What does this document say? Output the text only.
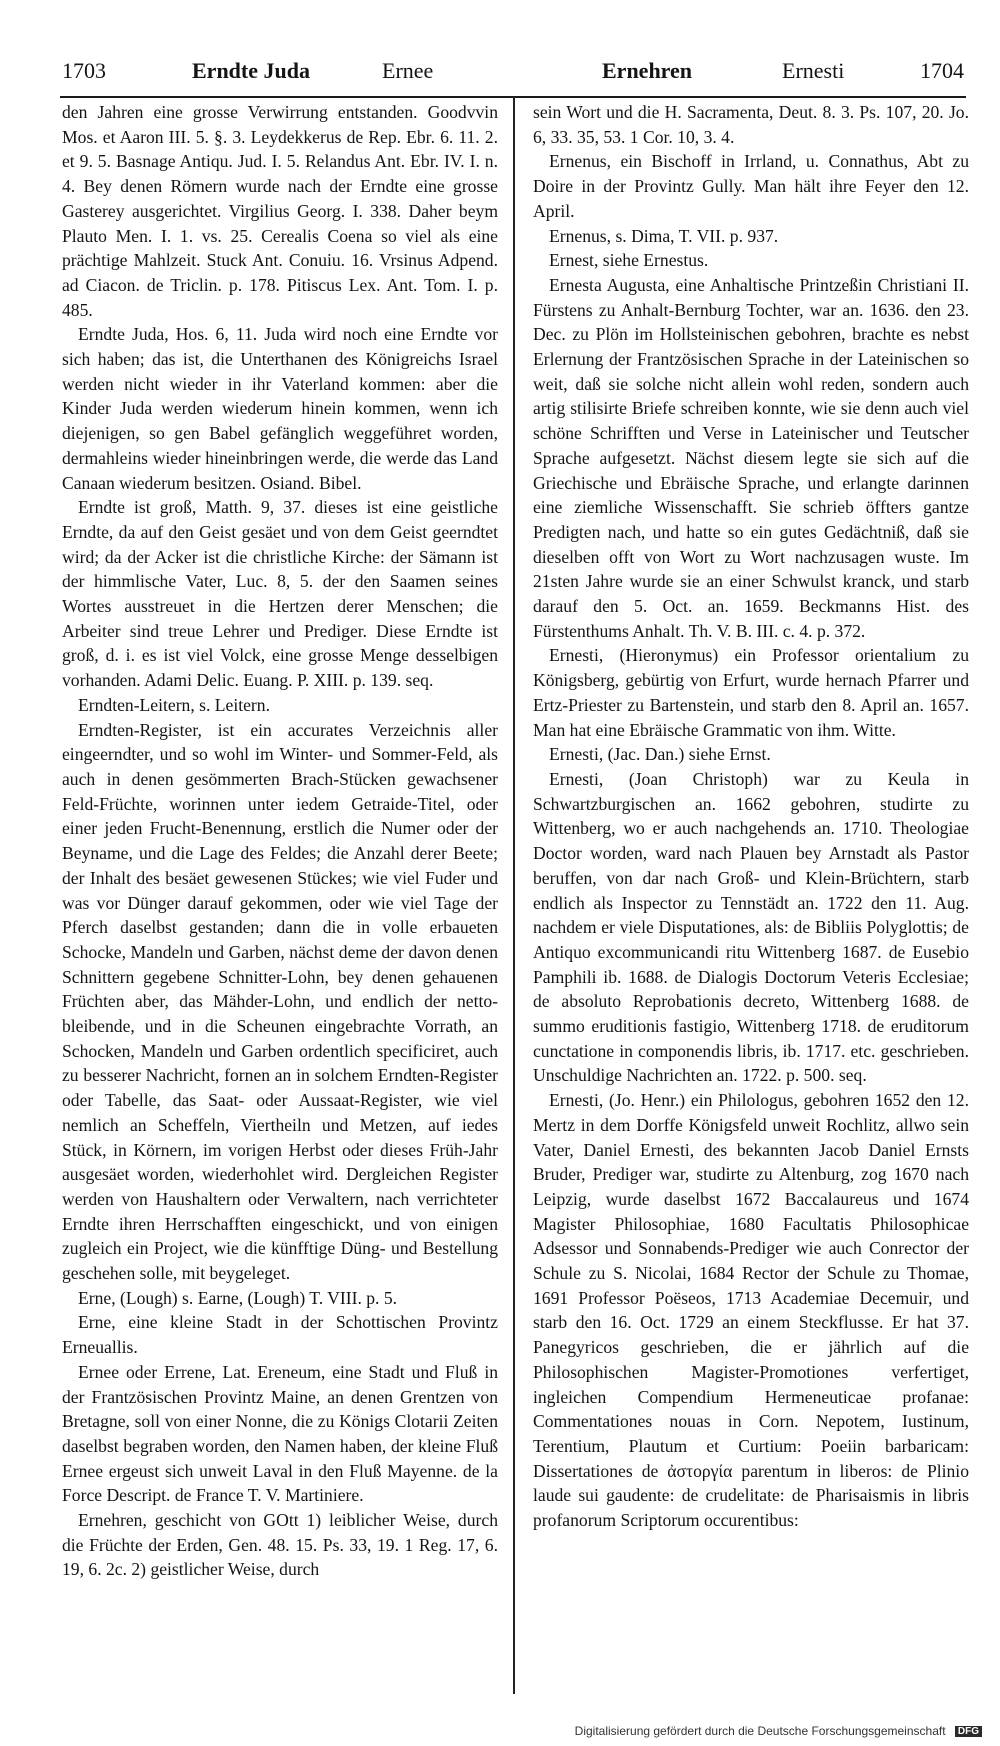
1703	Erndte Juda	Ernee	Ernehren	Ernesti	1704

den Jahren eine grosse Verwirrung entstanden. Goodvvin Mos. et Aaron III. 5. §. 3. Leydekkerus de Rep. Ebr. 6. 11. 2. et 9. 5. Basnage Antiqu. Jud. I. 5. Relandus Ant. Ebr. IV. I. n. 4. Bey denen Römern wurde nach der Erndte eine grosse Gasterey ausgerichtet. Virgilius Georg. I. 338. Daher beym Plauto Men. I. 1. vs. 25. Cerealis Coena so viel als eine prächtige Mahlzeit. Stuck Ant. Conuiu. 16. Vrsinus Adpend. ad Ciacon. de Triclin. p. 178. Pitiscus Lex. Ant. Tom. I. p. 485.

Erndte Juda, Hos. 6, 11. Juda wird noch eine Erndte vor sich haben; das ist, die Unterthanen des Königreichs Israel werden nicht wieder in ihr Vaterland kommen: aber die Kinder Juda werden wiederum hinein kommen, wenn ich diejenigen, so gen Babel gefänglich weggeführet worden, dermahleins wieder hineinbringen werde, die werde das Land Canaan wiederum besitzen. Osiand. Bibel.

Erndte ist groß, Matth. 9, 37. dieses ist eine geistliche Erndte, da auf den Geist gesäet und von dem Geist geerndtet wird; da der Acker ist die christliche Kirche: der Sämann ist der himmlische Vater, Luc. 8, 5. der den Saamen seines Wortes ausstreuet in die Hertzen derer Menschen; die Arbeiter sind treue Lehrer und Prediger. Diese Erndte ist groß, d. i. es ist viel Volck, eine grosse Menge desselbigen vorhanden. Adami Delic. Euang. P. XIII. p. 139. seq.

Erndten-Leitern, s. Leitern.

Erndten-Register, ist ein accurates Verzeichnis aller eingeerndter, und so wohl im Winter- und Sommer-Feld, als auch in denen gesömmerten Brach-Stücken gewachsener Feld-Früchte, worinnen unter iedem Getraide-Titel, oder einer jeden Frucht-Benennung, erstlich die Numer oder der Beyname, und die Lage des Feldes; die Anzahl derer Beete; der Inhalt des besäet gewesenen Stückes; wie viel Fuder und was vor Dünger darauf gekommen, oder wie viel Tage der Pferch daselbst gestanden; dann die in volle erbaueten Schocke, Mandeln und Garben, nächst deme der davon denen Schnittern gegebene Schnitter-Lohn, bey denen gehauenen Früchten aber, das Mähder-Lohn, und endlich der netto-bleibende, und in die Scheunen eingebrachte Vorrath, an Schocken, Mandeln und Garben ordentlich specificiret, auch zu besserer Nachricht, fornen an in solchem Erndten-Register oder Tabelle, das Saat- oder Aussaat-Register, wie viel nemlich an Scheffeln, Viertheiln und Metzen, auf iedes Stück, in Körnern, im vorigen Herbst oder dieses Früh-Jahr ausgesäet worden, wiederhohlet wird. Dergleichen Register werden von Haushaltern oder Verwaltern, nach verrichteter Erndte ihren Herrschafften eingeschickt, und von einigen zugleich ein Project, wie die künfftige Düng- und Bestellung geschehen solle, mit beygeleget.

Erne, (Lough) s. Earne, (Lough) T. VIII. p. 5.

Erne, eine kleine Stadt in der Schottischen Provintz Erneuallis.

Ernee oder Errene, Lat. Ereneum, eine Stadt und Fluß in der Frantzösischen Provintz Maine, an denen Grentzen von Bretagne, soll von einer Nonne, die zu Königs Clotarii Zeiten daselbst begraben worden, den Namen haben, der kleine Fluß Ernee ergeust sich unweit Laval in den Fluß Mayenne. de la Force Descript. de France T. V. Martiniere.

Ernehren, geschicht von GOtt 1) leiblicher Weise, durch die Früchte der Erden, Gen. 48. 15. Ps. 33, 19. 1 Reg. 17, 6. 19, 6. 2c. 2) geistlicher Weise, durch

sein Wort und die H. Sacramenta, Deut. 8. 3. Ps. 107, 20. Jo. 6, 33. 35, 53. 1 Cor. 10, 3. 4.

Ernenus, ein Bischoff in Irrland, u. Connathus, Abt zu Doire in der Provintz Gully. Man hält ihre Feyer den 12. April.

Ernenus, s. Dima, T. VII. p. 937.

Ernest, siehe Ernestus.

Ernesta Augusta, eine Anhaltische Printzeßin Christiani II. Fürstens zu Anhalt-Bernburg Tochter, war an. 1636. den 23. Dec. zu Plön im Hollsteinischen gebohren, brachte es nebst Erlernung der Frantzösischen Sprache in der Lateinischen so weit, daß sie solche nicht allein wohl reden, sondern auch artig stilisirte Briefe schreiben konnte, wie sie denn auch viel schöne Schrifften und Verse in Lateinischer und Teutscher Sprache aufgesetzt. Nächst diesem legte sie sich auf die Griechische und Ebräische Sprache, und erlangte darinnen eine ziemliche Wissenschafft. Sie schrieb öffters gantze Predigten nach, und hatte so ein gutes Gedächtniß, daß sie dieselben offt von Wort zu Wort nachzusagen wuste. Im 21sten Jahre wurde sie an einer Schwulst kranck, und starb darauf den 5. Oct. an. 1659. Beckmanns Hist. des Fürstenthums Anhalt. Th. V. B. III. c. 4. p. 372.

Ernesti, (Hieronymus) ein Professor orientalium zu Königsberg, gebürtig von Erfurt, wurde hernach Pfarrer und Ertz-Priester zu Bartenstein, und starb den 8. April an. 1657. Man hat eine Ebräische Grammatic von ihm. Witte.

Ernesti, (Jac. Dan.) siehe Ernst.

Ernesti, (Joan Christoph) war zu Keula in Schwartzburgischen an. 1662 gebohren, studirte zu Wittenberg, wo er auch nachgehends an. 1710. Theologiae Doctor worden, ward nach Plauen bey Arnstadt als Pastor beruffen, von dar nach Groß- und Klein-Brüchtern, starb endlich als Inspector zu Tennstädt an. 1722 den 11. Aug. nachdem er viele Disputationes, als: de Bibliis Polyglottis; de Antiquo excommunicandi ritu Wittenberg 1687. de Eusebio Pamphili ib. 1688. de Dialogis Doctorum Veteris Ecclesiae; de absoluto Reprobationis decreto, Wittenberg 1688. de summo eruditionis fastigio, Wittenberg 1718. de eruditorum cunctatione in componendis libris, ib. 1717. etc. geschrieben. Unschuldige Nachrichten an. 1722. p. 500. seq.

Ernesti, (Jo. Henr.) ein Philologus, gebohren 1652 den 12. Mertz in dem Dorffe Königsfeld unweit Rochlitz, allwo sein Vater, Daniel Ernesti, des bekannten Jacob Daniel Ernsts Bruder, Prediger war, studirte zu Altenburg, zog 1670 nach Leipzig, wurde daselbst 1672 Baccalaureus und 1674 Magister Philosophiae, 1680 Facultatis Philosophicae Adsessor und Sonnabends-Prediger wie auch Conrector der Schule zu S. Nicolai, 1684 Rector der Schule zu Thomae, 1691 Professor Poëseos, 1713 Academiae Decemuir, und starb den 16. Oct. 1729 an einem Steckflusse. Er hat 37. Panegyricos geschrieben, die er jährlich auf die Philosophischen Magister-Promotiones verfertiget, ingleichen Compendium Hermeneuticae profanae: Commentationes nouas in Corn. Nepotem, Iustinum, Terentium, Plautum et Curtium: Poeiin barbaricam: Dissertationes de ἀστοργία parentum in liberos: de Plinio laude sui gaudente: de crudelitate: de Pharisaismis in libris profanorum Scriptorum occurentibus:

Digitalisierung gefördert durch die Deutsche Forschungsgemeinschaft DFG
